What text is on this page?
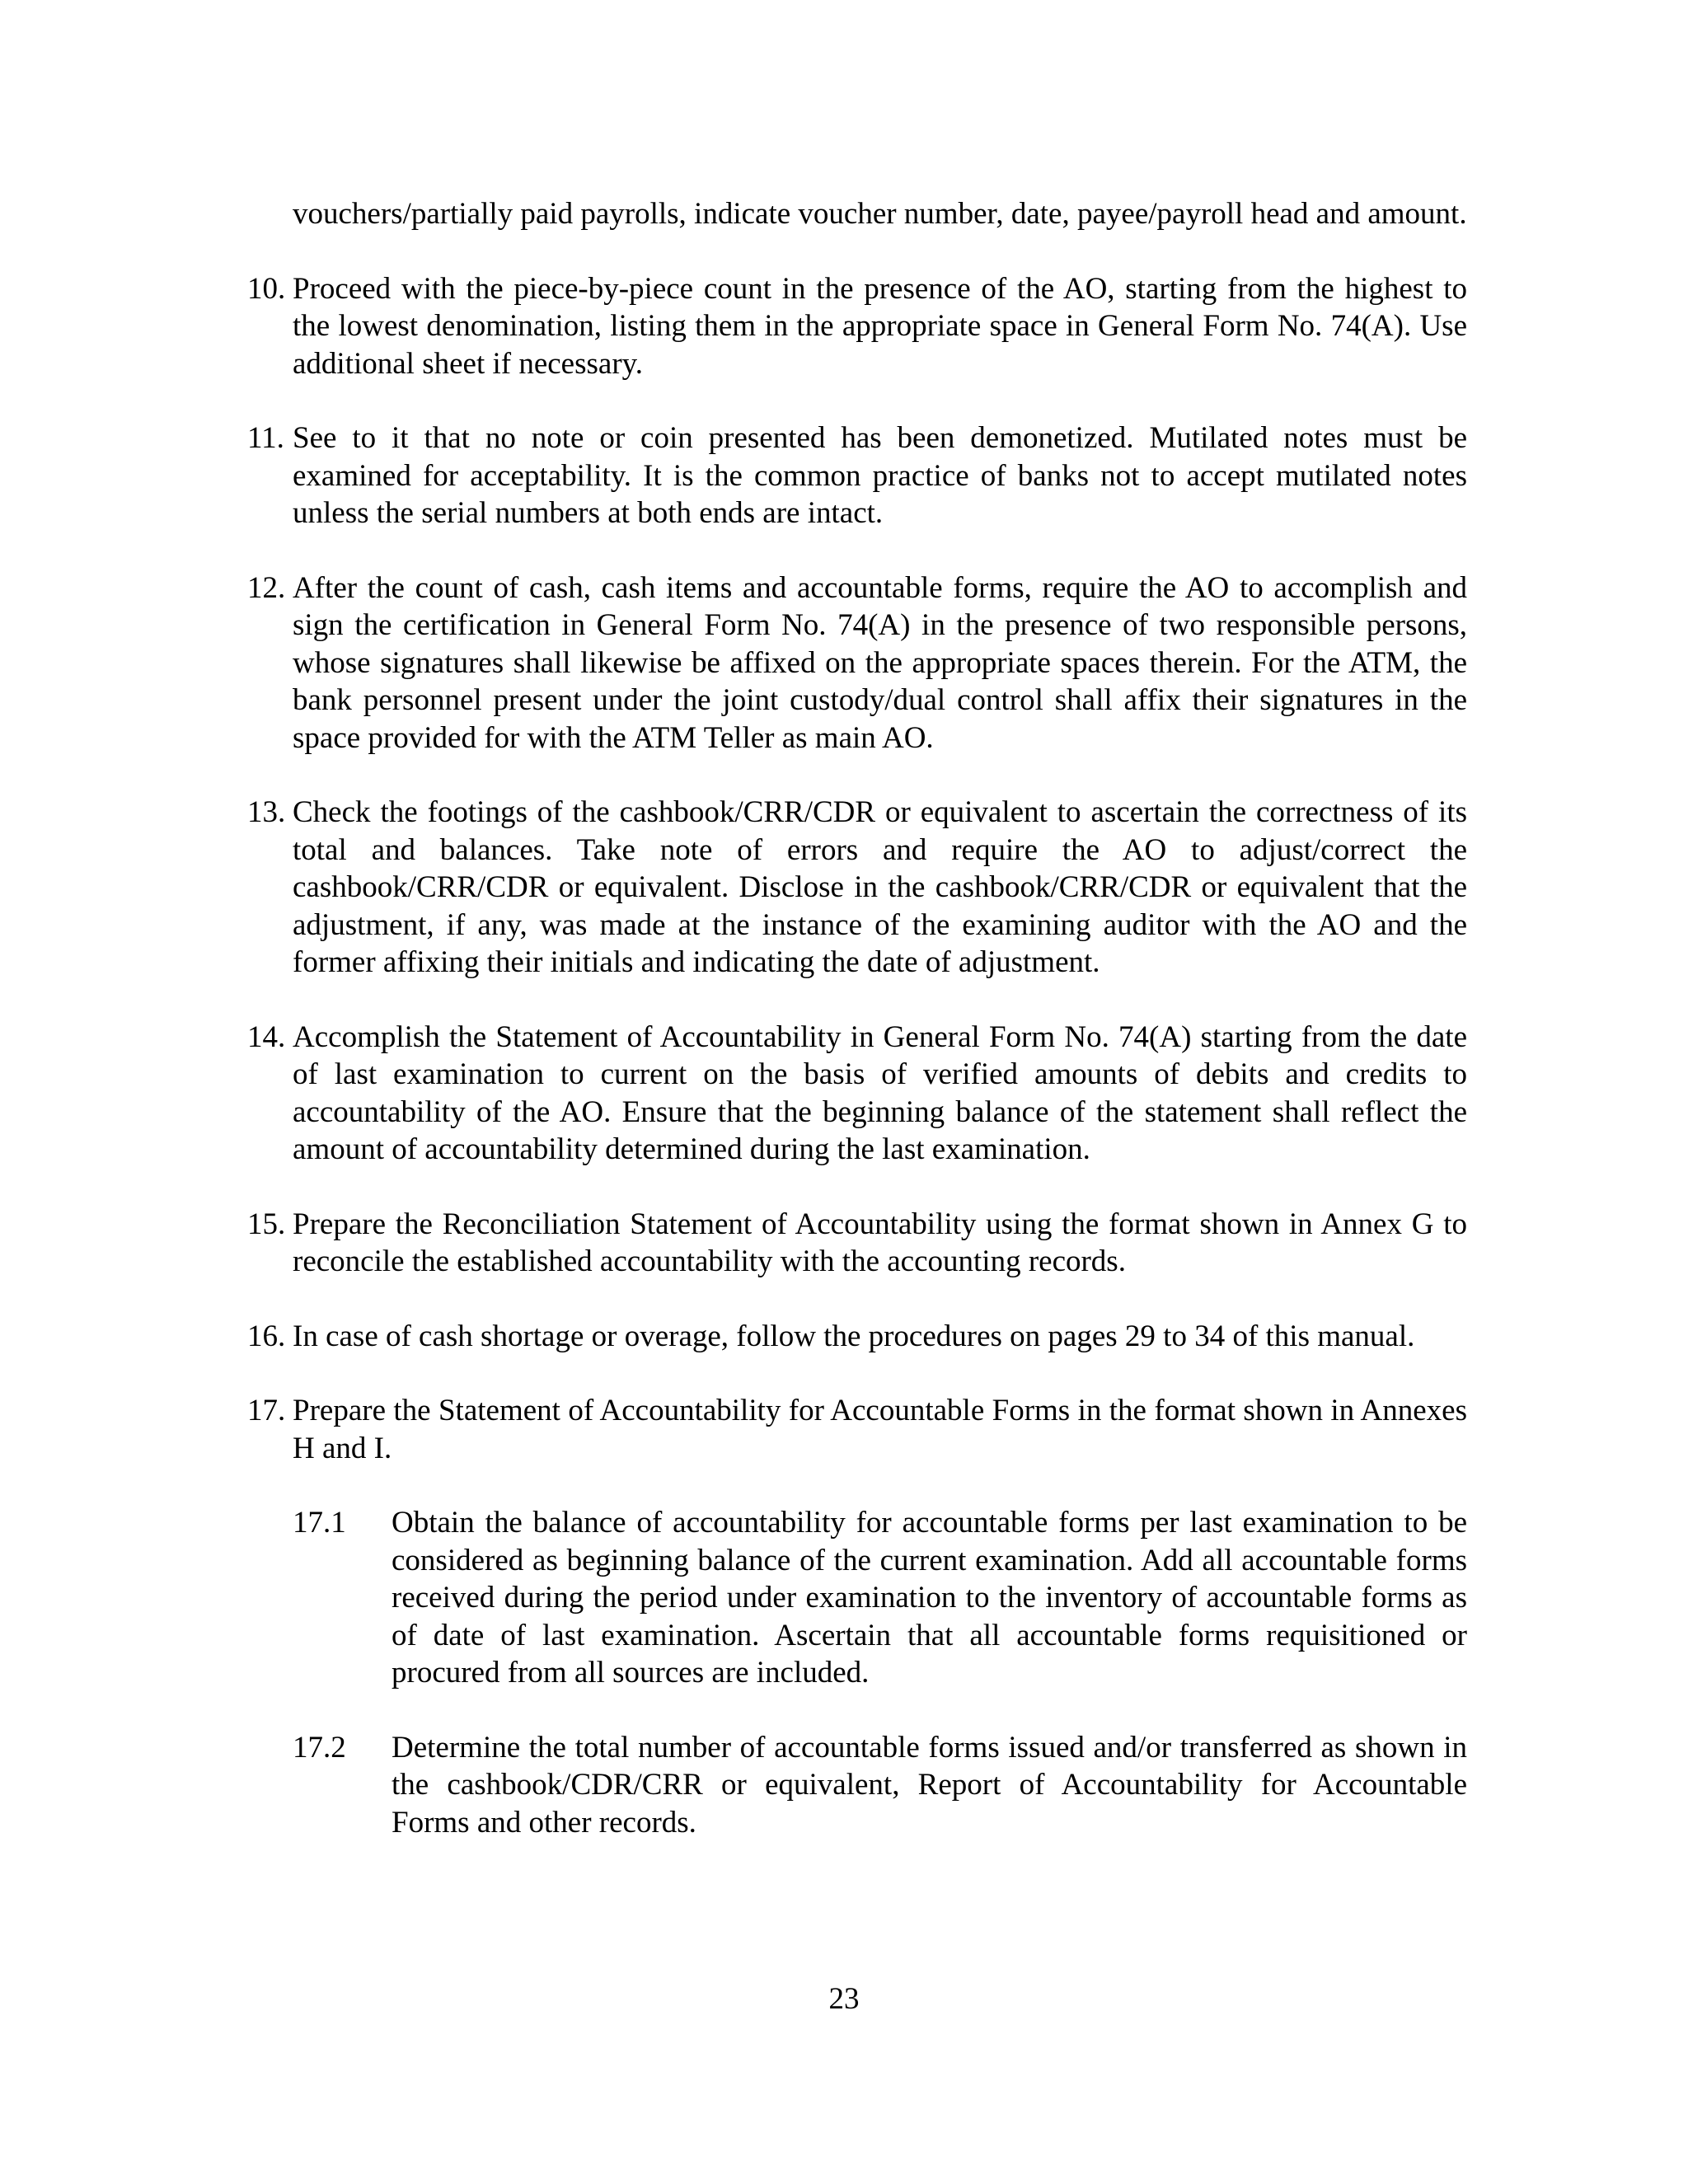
vouchers/partially paid payrolls, indicate voucher number, date, payee/payroll head and amount.
10. Proceed with the piece-by-piece count in the presence of the AO, starting from the highest to the lowest denomination, listing them in the appropriate space in General Form No. 74(A). Use additional sheet if necessary.
11. See to it that no note or coin presented has been demonetized. Mutilated notes must be examined for acceptability. It is the common practice of banks not to accept mutilated notes unless the serial numbers at both ends are intact.
12. After the count of cash, cash items and accountable forms, require the AO to accomplish and sign the certification in General Form No. 74(A) in the presence of two responsible persons, whose signatures shall likewise be affixed on the appropriate spaces therein. For the ATM, the bank personnel present under the joint custody/dual control shall affix their signatures in the space provided for with the ATM Teller as main AO.
13. Check the footings of the cashbook/CRR/CDR or equivalent to ascertain the correctness of its total and balances. Take note of errors and require the AO to adjust/correct the cashbook/CRR/CDR or equivalent. Disclose in the cashbook/CRR/CDR or equivalent that the adjustment, if any, was made at the instance of the examining auditor with the AO and the former affixing their initials and indicating the date of adjustment.
14. Accomplish the Statement of Accountability in General Form No. 74(A) starting from the date of last examination to current on the basis of verified amounts of debits and credits to accountability of the AO. Ensure that the beginning balance of the statement shall reflect the amount of accountability determined during the last examination.
15. Prepare the Reconciliation Statement of Accountability using the format shown in Annex G to reconcile the established accountability with the accounting records.
16. In case of cash shortage or overage, follow the procedures on pages 29 to 34 of this manual.
17. Prepare the Statement of Accountability for Accountable Forms in the format shown in Annexes H and I.
17.1	Obtain the balance of accountability for accountable forms per last examination to be considered as beginning balance of the current examination. Add all accountable forms received during the period under examination to the inventory of accountable forms as of date of last examination. Ascertain that all accountable forms requisitioned or procured from all sources are included.
17.2	Determine the total number of accountable forms issued and/or transferred as shown in the cashbook/CDR/CRR or equivalent, Report of Accountability for Accountable Forms and other records.
23
